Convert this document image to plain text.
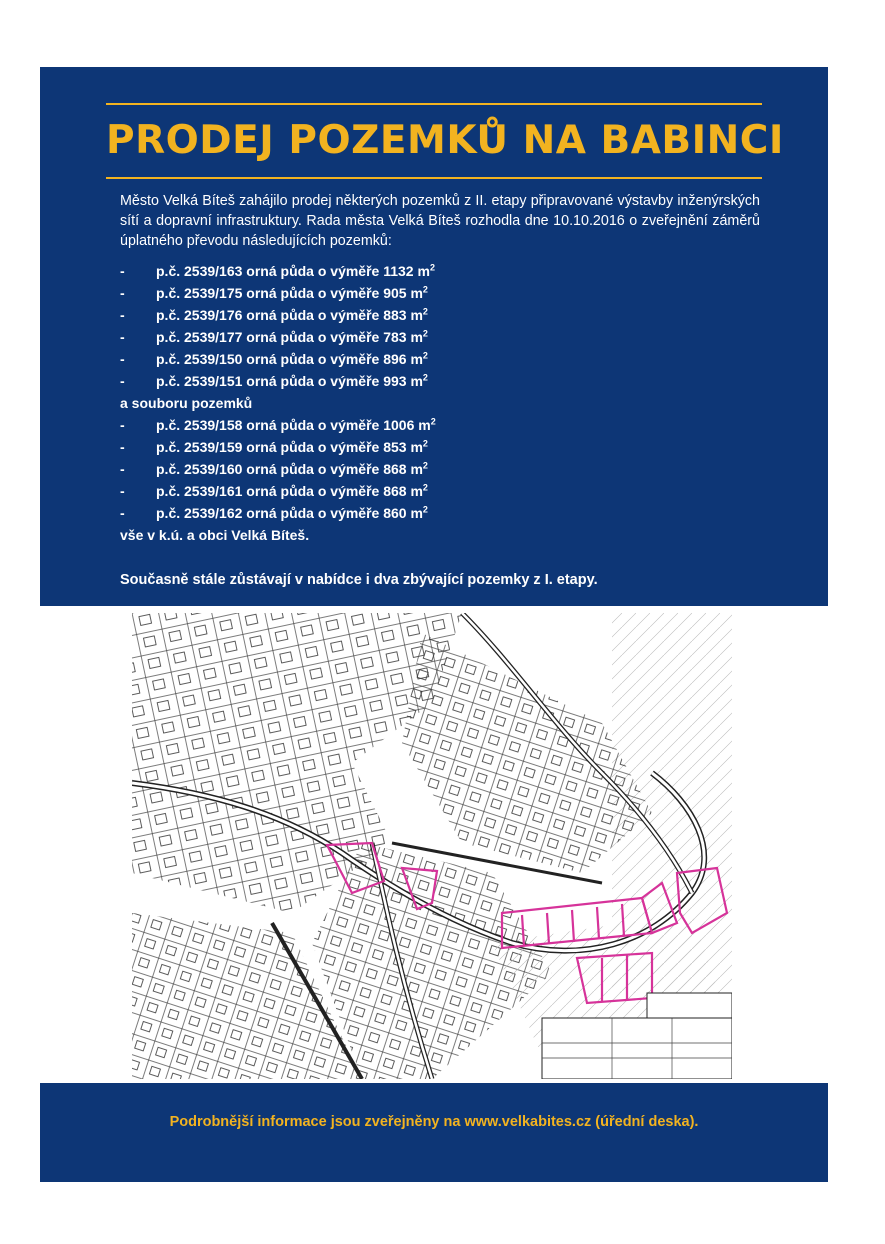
PRODEJ POZEMKŮ NA BABINCI

Město Velká Bíteš zahájilo prodej některých pozemků z II. etapy připravované výstavby inženýrských sítí a dopravní infrastruktury. Rada města Velká Bíteš rozhodla dne 10.10.2016 o zveřejnění záměrů úplatného převodu následujících pozemků:

- p.č. 2539/163 orná půda o výměře 1132 $m^2$
- p.č. 2539/175 orná půda o výměře 905 $m^2$
- p.č. 2539/176 orná půda o výměře 883 $m^2$
- p.č. 2539/177 orná půda o výměře 783 $m^2$
- p.č. 2539/150 orná půda o výměře 896 $m^2$
- p.č. 2539/151 orná půda o výměře 993 $m^2$
a souboru pozemků
- p.č. 2539/158 orná půda o výměře 1006 $m^2$
- p.č. 2539/159 orná půda o výměře 853 $m^2$
- p.č. 2539/160 orná půda o výměře 868 $m^2$
- p.č. 2539/161 orná půda o výměře 868 $m^2$
- p.č. 2539/162 orná půda o výměře 860 $m^2$
vše v k.ú. a obci Velká Bíteš.
Současně stále zůstávají v nabídce i dva zbývající pozemky z I. etapy.
Podrobnější informace jsou zveřejněny na www.velkabites.cz (úřední deska).
